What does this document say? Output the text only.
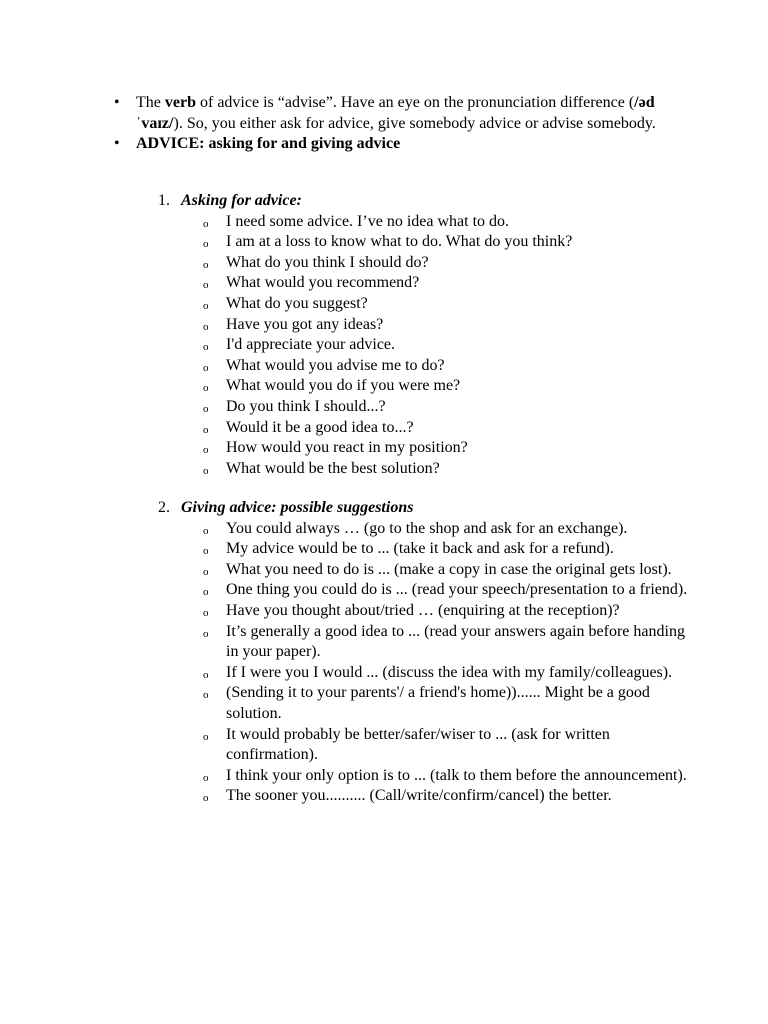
• The verb of advice is “advise”. Have an eye on the pronunciation difference (/ədˈvaɪz/). So, you either ask for advice, give somebody advice or advise somebody.
• ADVICE: asking for and giving advice
1. Asking for advice:
o I need some advice. I’ve no idea what to do.
o I am at a loss to know what to do. What do you think?
o What do you think I should do?
o What would you recommend?
o What do you suggest?
o Have you got any ideas?
o I'd appreciate your advice.
o What would you advise me to do?
o What would you do if you were me?
o Do you think I should...?
o Would it be a good idea to...?
o How would you react in my position?
o What would be the best solution?
2. Giving advice: possible suggestions
o You could always … (go to the shop and ask for an exchange).
o My advice would be to ... (take it back and ask for a refund).
o What you need to do is ... (make a copy in case the original gets lost).
o One thing you could do is ... (read your speech/presentation to a friend).
o Have you thought about/tried … (enquiring at the reception)?
o It’s generally a good idea to ... (read your answers again before handing in your paper).
o If I were you I would ... (discuss the idea with my family/colleagues).
o (Sending it to your parents'/ a friend's home))...... Might be a good solution.
o It would probably be better/safer/wiser to ... (ask for written confirmation).
o I think your only option is to ... (talk to them before the announcement).
o The sooner you.......... (Call/write/confirm/cancel) the better.
